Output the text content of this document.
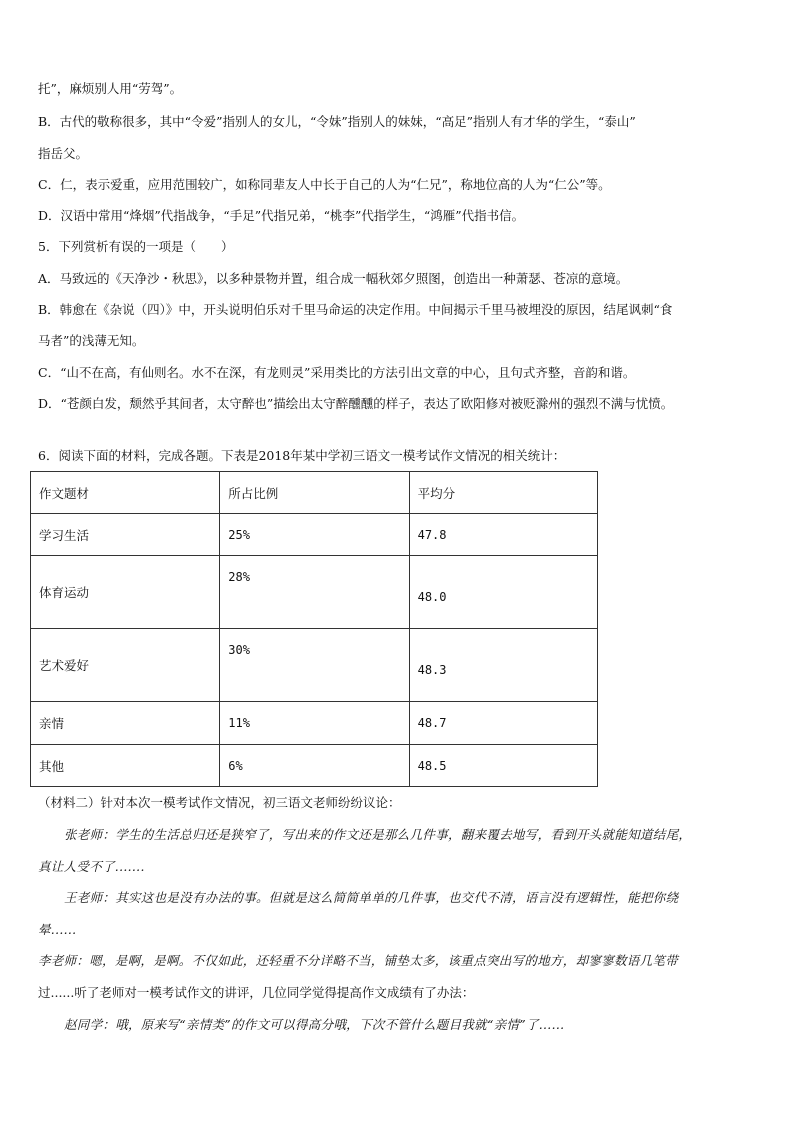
托”，麻烦别人用“劳驾”。
B．古代的敬称很多，其中“令爱”指别人的女儿，“令妹”指别人的妹妹，“高足”指别人有才华的学生，“泰山”
指岳父。
C．仁，表示爱重，应用范围较广，如称同辈友人中长于自己的人为“仁兄”，称地位高的人为“仁公”等。
D．汉语中常用“烽烟”代指战争，“手足”代指兄弟，“桃李”代指学生，“鸿雁”代指书信。
5．下列赏析有误的一项是（　　）
A．马致远的《天净沙・秋思》，以多种景物并置，组合成一幅秋郊夕照图，创造出一种萧瑟、苍凉的意境。
B．韩愈在《杂说（四）》中，开头说明伯乐对千里马命运的决定作用。中间揭示千里马被埋没的原因，结尾讽刺“食
马者”的浅薄无知。
C．“山不在高，有仙则名。水不在深，有龙则灵”采用类比的方法引出文章的中心，且句式齐整，音韵和谐。
D．“苍颜白发，颓然乎其间者，太守醉也”描绘出太守醉醺醺的样子，表达了欧阳修对被贬滁州的强烈不满与忧愤。
6．阅读下面的材料，完成各题。下表是2018年某中学初三语文一模考试作文情况的相关统计：
作文题材	所占比例	平均分
学习生活	25%	47.8
体育运动	28%	48.0
艺术爱好	30%	48.3
亲情	11%	48.7
其他	6%	48.5
（材料二）针对本次一模考试作文情况，初三语文老师纷纷议论：
张老师：学生的生活总归还是狭窄了，写出来的作文还是那么几件事，翻来覆去地写，看到开头就能知道结尾，
真让人受不了.......
王老师：其实这也是没有办法的事。但就是这么简简单单的几件事，也交代不清，语言没有逻辑性，能把你绕
晕......
李老师：嗯，是啊，是啊。不仅如此，还轻重不分详略不当，铺垫太多，该重点突出写的地方，却寥寥数语几笔带
过......听了老师对一模考试作文的讲评，几位同学觉得提高作文成绩有了办法：
赵同学：哦，原来写“亲情类”的作文可以得高分哦，下次不管什么题目我就“亲情”了......
